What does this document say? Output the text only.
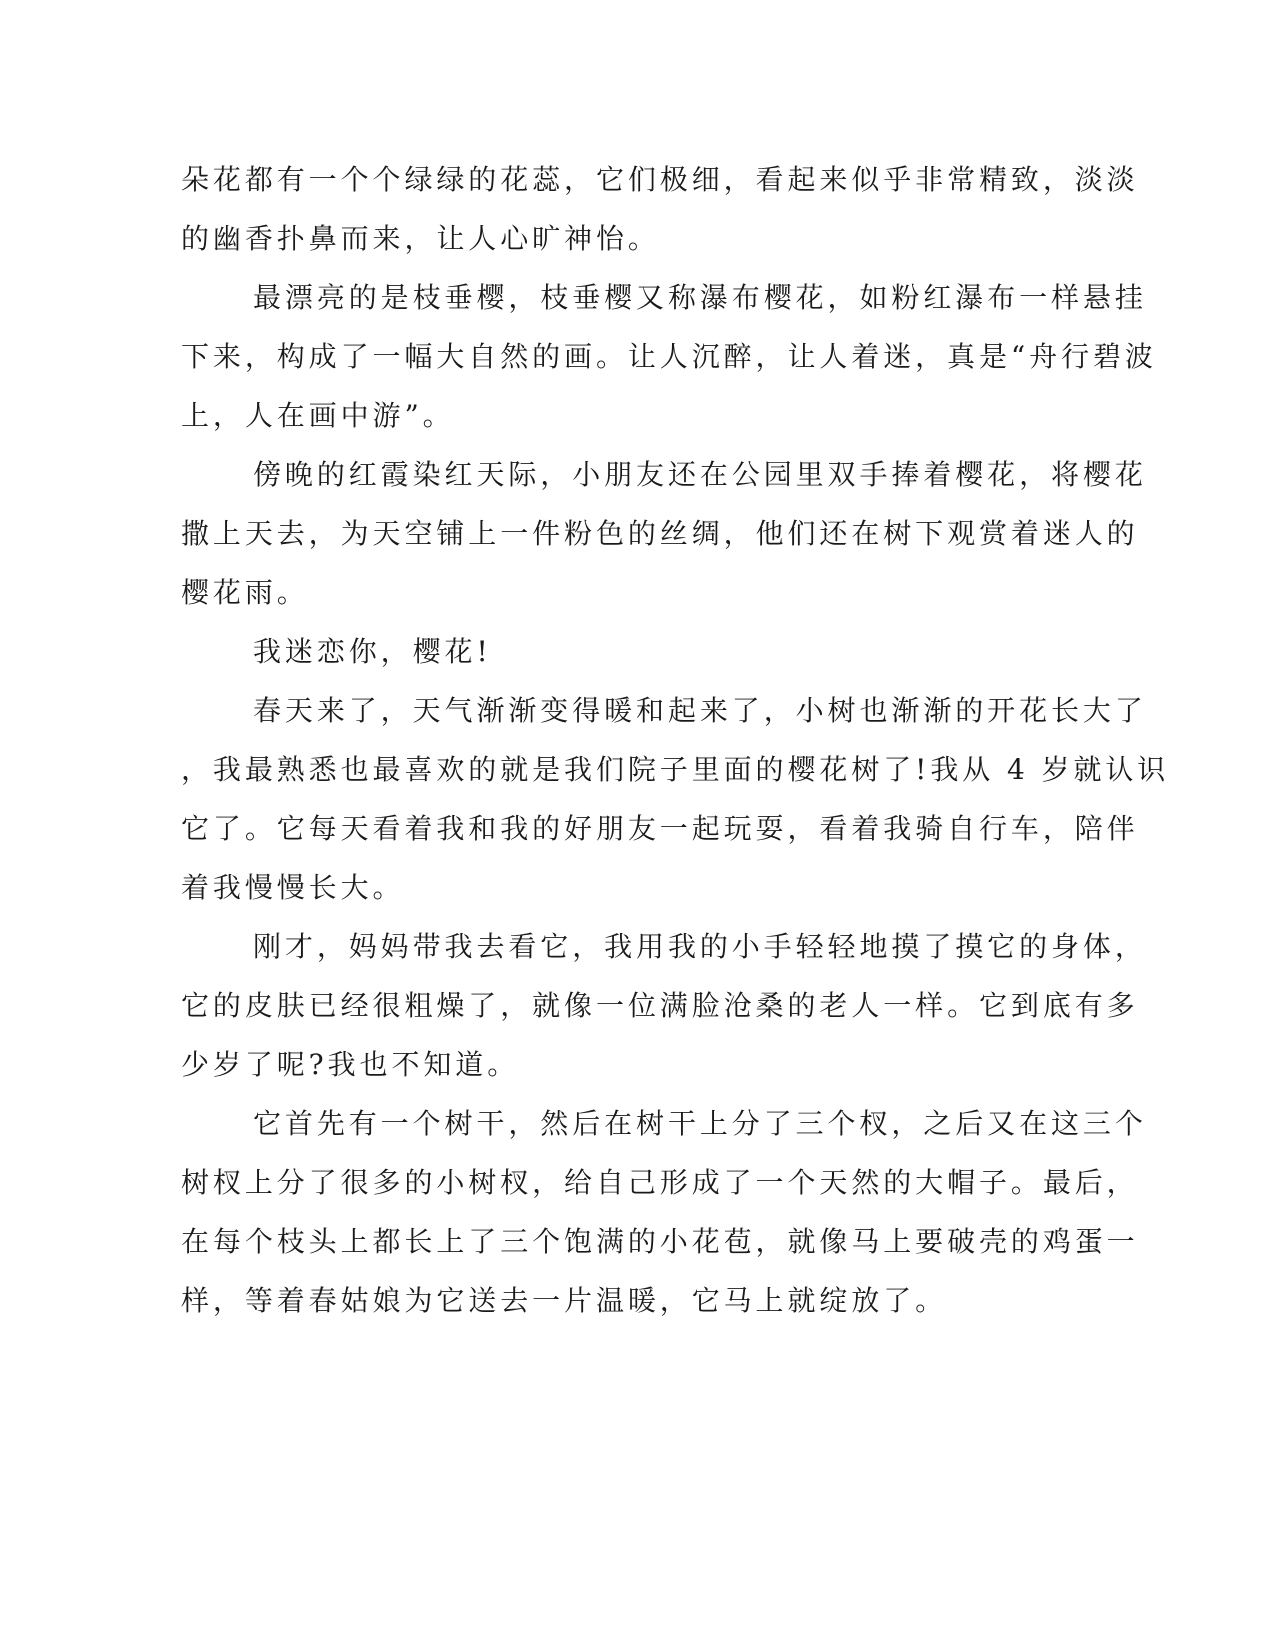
朵花都有一个个绿绿的花蕊，它们极细，看起来似乎非常精致，淡淡
的幽香扑鼻而来，让人心旷神怡。
最漂亮的是枝垂樱，枝垂樱又称瀑布樱花，如粉红瀑布一样悬挂
下来，构成了一幅大自然的画。让人沉醉，让人着迷，真是“舟行碧波
上，人在画中游”。
傍晚的红霞染红天际，小朋友还在公园里双手捧着樱花，将樱花
撒上天去，为天空铺上一件粉色的丝绸，他们还在树下观赏着迷人的
樱花雨。
我迷恋你，樱花!
春天来了，天气渐渐变得暖和起来了，小树也渐渐的开花长大了
，我最熟悉也最喜欢的就是我们院子里面的樱花树了!我从 4 岁就认识
它了。它每天看着我和我的好朋友一起玩耍，看着我骑自行车，陪伴
着我慢慢长大。
刚才，妈妈带我去看它，我用我的小手轻轻地摸了摸它的身体，
它的皮肤已经很粗燥了，就像一位满脸沧桑的老人一样。它到底有多
少岁了呢?我也不知道。
它首先有一个树干，然后在树干上分了三个杈，之后又在这三个
树杈上分了很多的小树杈，给自己形成了一个天然的大帽子。最后，
在每个枝头上都长上了三个饱满的小花苞，就像马上要破壳的鸡蛋一
样，等着春姑娘为它送去一片温暖，它马上就绽放了。
